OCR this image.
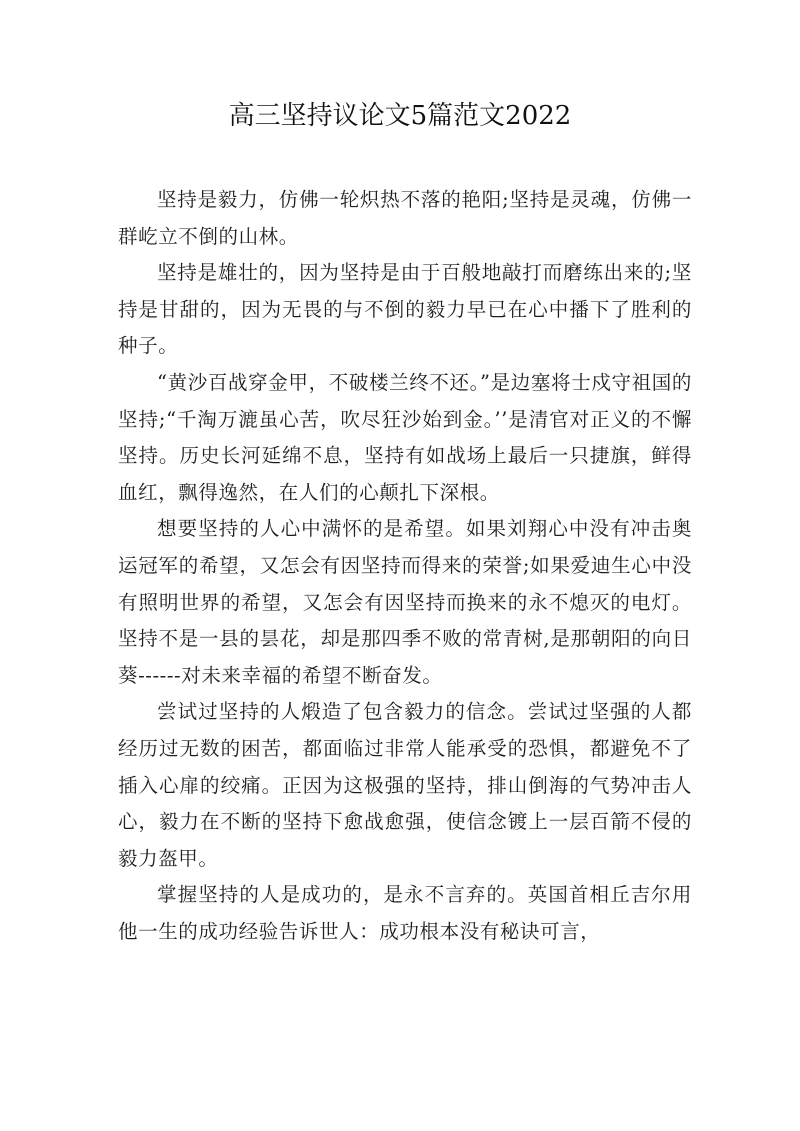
高三坚持议论文5篇范文2022

坚持是毅力，仿佛一轮炽热不落的艳阳;坚持是灵魂，仿佛一群屹立不倒的山林。

坚持是雄壮的，因为坚持是由于百般地敲打而磨练出来的;坚持是甘甜的，因为无畏的与不倒的毅力早已在心中播下了胜利的种子。

“黄沙百战穿金甲，不破楼兰终不还。”是边塞将士戍守祖国的坚持;“千淘万漉虽心苦，吹尽狂沙始到金。’’是清官对正义的不懈坚持。历史长河延绵不息，坚持有如战场上最后一只捷旗，鲜得血红，飘得逸然，在人们的心颠扎下深根。

想要坚持的人心中满怀的是希望。如果刘翔心中没有冲击奥运冠军的希望，又怎会有因坚持而得来的荣誉;如果爱迪生心中没有照明世界的希望，又怎会有因坚持而换来的永不熄灭的电灯。坚持不是一县的昙花，却是那四季不败的常青树,是那朝阳的向日葵------对未来幸福的希望不断奋发。

尝试过坚持的人煅造了包含毅力的信念。尝试过坚强的人都经历过无数的困苦，都面临过非常人能承受的恐惧，都避免不了插入心扉的绞痛。正因为这极强的坚持，排山倒海的气势冲击人心，毅力在不断的坚持下愈战愈强，使信念镀上一层百箭不侵的毅力盔甲。

掌握坚持的人是成功的，是永不言弃的。英国首相丘吉尔用他一生的成功经验告诉世人：成功根本没有秘诀可言，
